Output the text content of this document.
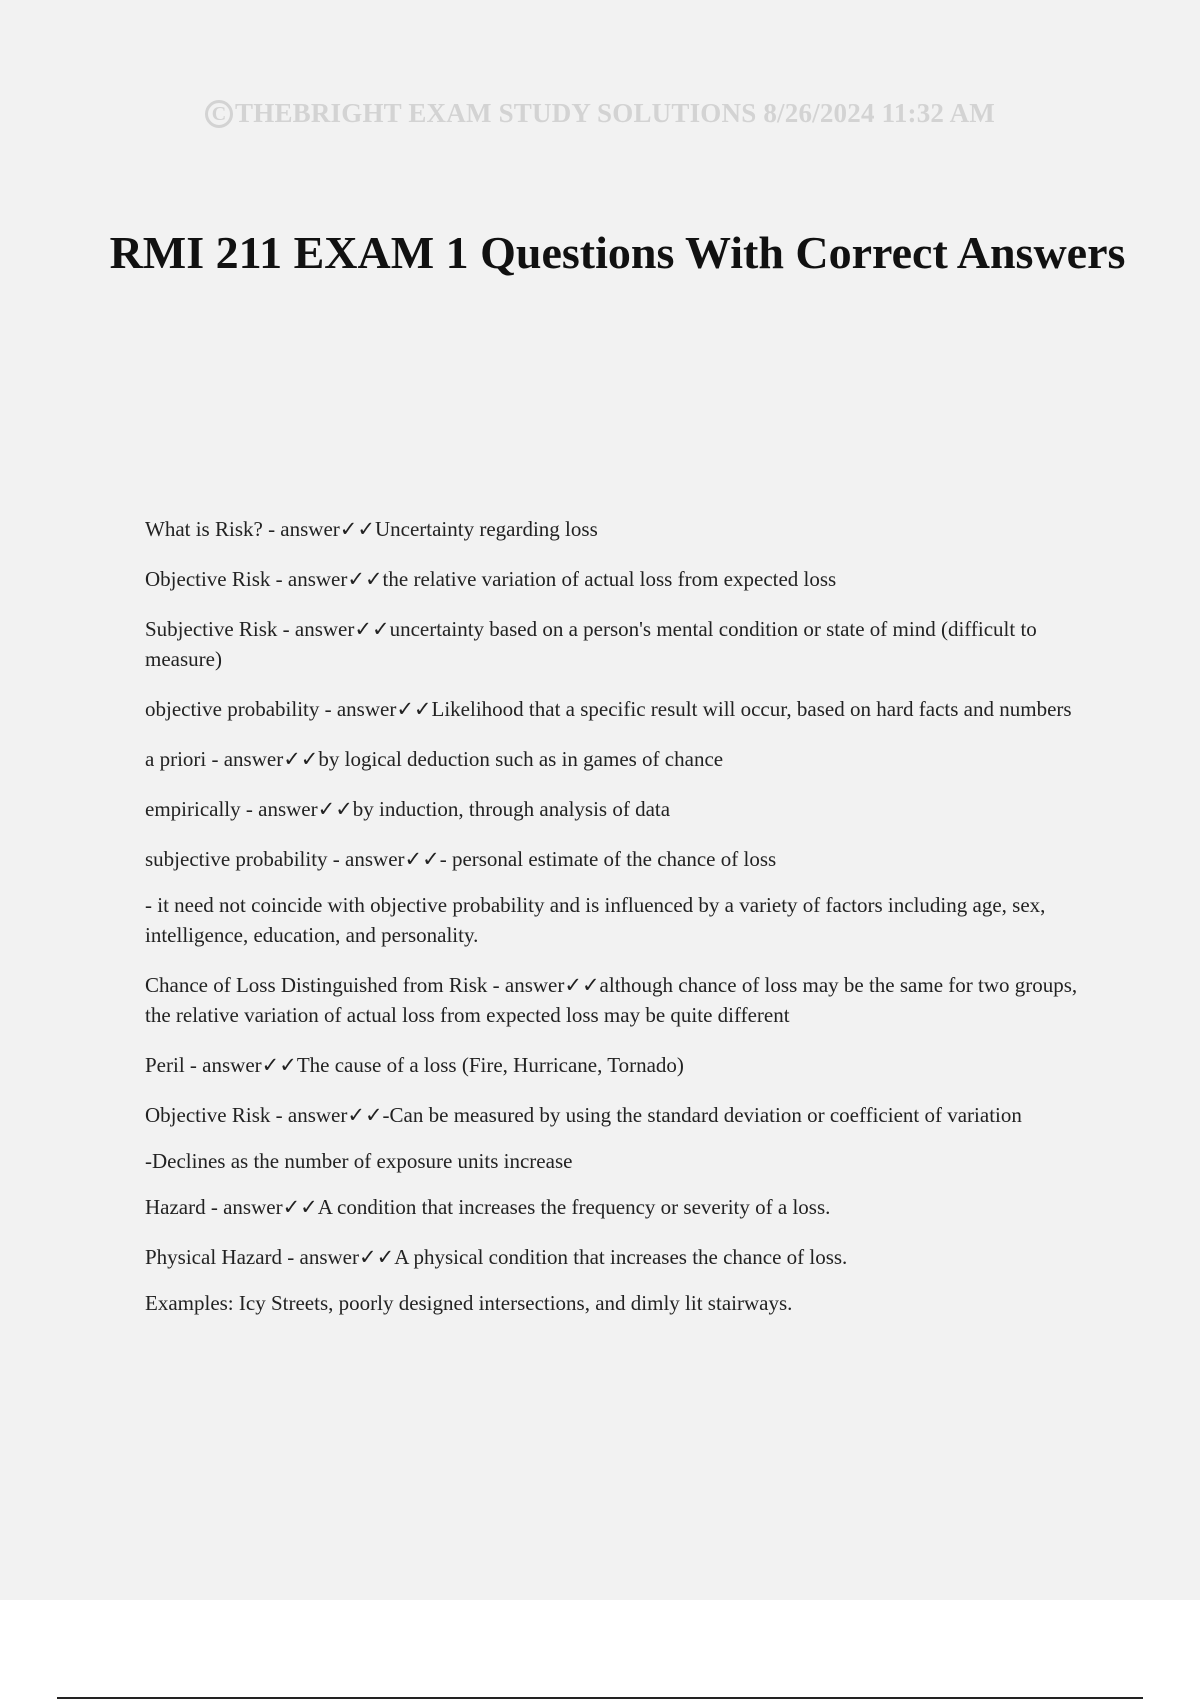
C THEBRIGHT EXAM STUDY SOLUTIONS 8/26/2024 11:32 AM
RMI 211 EXAM 1 Questions With Correct Answers
What is Risk? - answer✓✓Uncertainty regarding loss
Objective Risk - answer✓✓the relative variation of actual loss from expected loss
Subjective Risk - answer✓✓uncertainty based on a person's mental condition or state of mind (difficult to measure)
objective probability - answer✓✓Likelihood that a specific result will occur, based on hard facts and numbers
a priori - answer✓✓by logical deduction such as in games of chance
empirically - answer✓✓by induction, through analysis of data
subjective probability - answer✓✓- personal estimate of the chance of loss
- it need not coincide with objective probability and is influenced by a variety of factors including age, sex, intelligence, education, and personality.
Chance of Loss Distinguished from Risk - answer✓✓although chance of loss may be the same for two groups, the relative variation of actual loss from expected loss may be quite different
Peril - answer✓✓The cause of a loss (Fire, Hurricane, Tornado)
Objective Risk - answer✓✓-Can be measured by using the standard deviation or coefficient of variation
-Declines as the number of exposure units increase
Hazard - answer✓✓A condition that increases the frequency or severity of a loss.
Physical Hazard - answer✓✓A physical condition that increases the chance of loss.
Examples: Icy Streets, poorly designed intersections, and dimly lit stairways.
